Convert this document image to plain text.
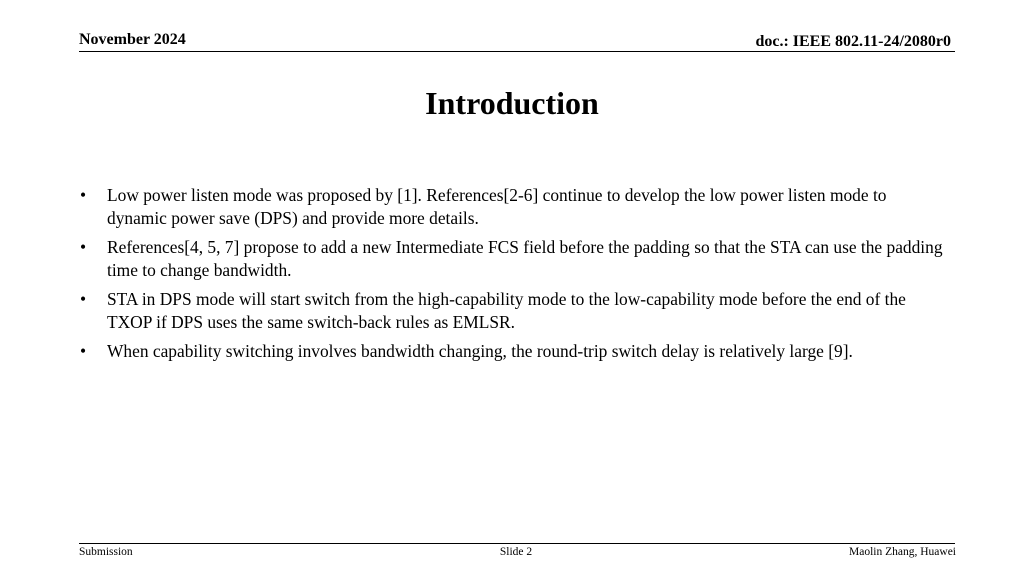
November 2024	doc.: IEEE 802.11-24/2080r0
Introduction
• Low power listen mode was proposed by [1]. References[2-6] continue to develop the low power listen mode to dynamic power save (DPS) and provide more details.
• References[4, 5, 7] propose to add a new Intermediate FCS field before the padding so that the STA can use the padding time to change bandwidth.
• STA in DPS mode will start switch from the high-capability mode to the low-capability mode before the end of the TXOP if DPS uses the same switch-back rules as EMLSR.
• When capability switching involves bandwidth changing, the round-trip switch delay is relatively large [9].
Submission	Slide 2	Maolin Zhang, Huawei
